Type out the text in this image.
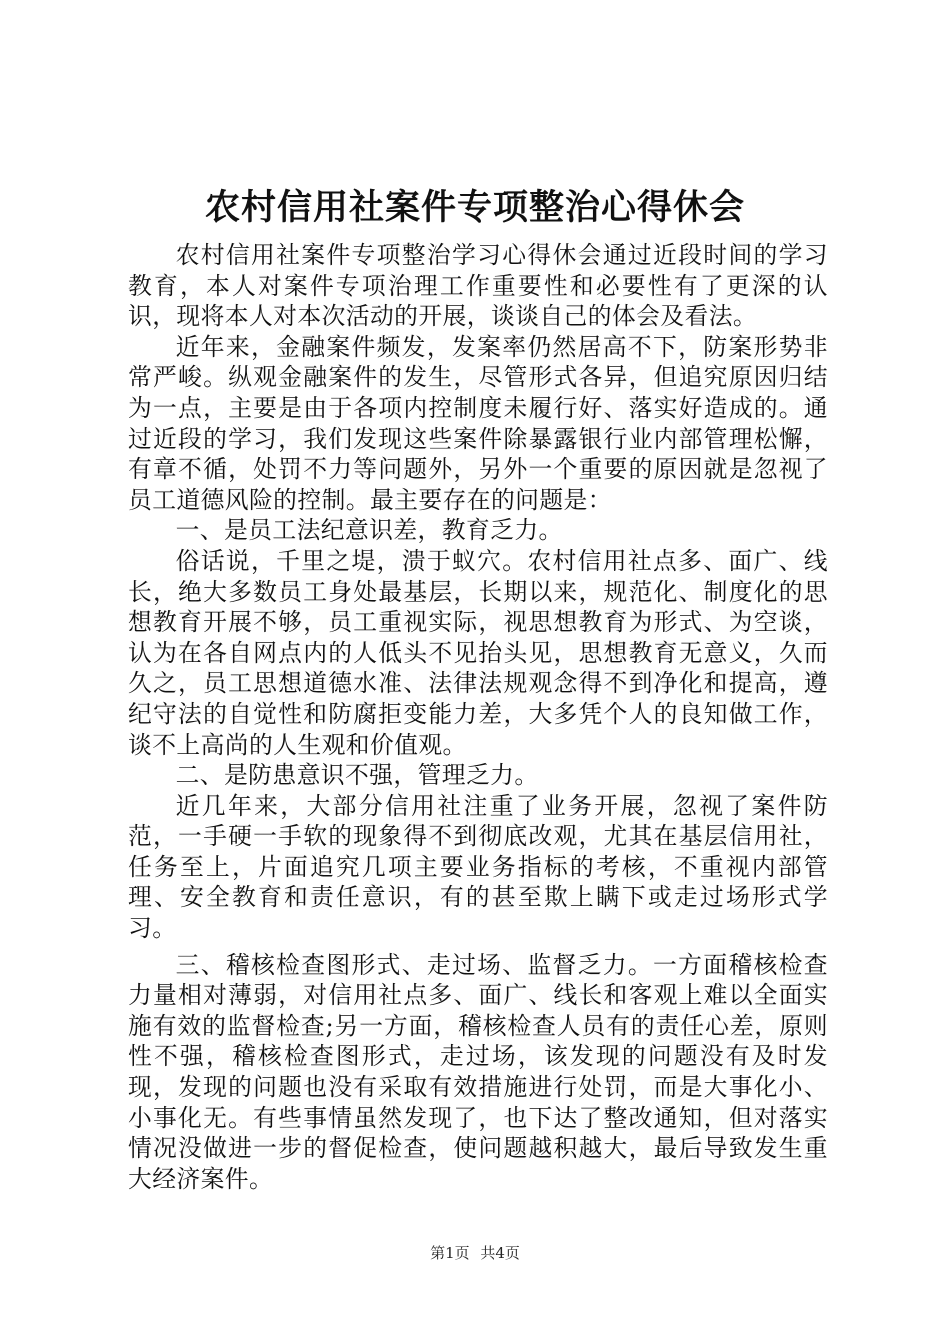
农村信用社案件专项整治心得休会

农村信用社案件专项整治学习心得休会通过近段时间的学习教育，本人对案件专项治理工作重要性和必要性有了更深的认识，现将本人对本次活动的开展，谈谈自己的体会及看法。

近年来，金融案件频发，发案率仍然居高不下，防案形势非常严峻。纵观金融案件的发生，尽管形式各异，但追究原因归结为一点，主要是由于各项内控制度未履行好、落实好造成的。通过近段的学习，我们发现这些案件除暴露银行业内部管理松懈，有章不循，处罚不力等问题外，另外一个重要的原因就是忽视了员工道德风险的控制。最主要存在的问题是：

一、是员工法纪意识差，教育乏力。

俗话说，千里之堤，溃于蚁穴。农村信用社点多、面广、线长，绝大多数员工身处最基层，长期以来，规范化、制度化的思想教育开展不够，员工重视实际，视思想教育为形式、为空谈，认为在各自网点内的人低头不见抬头见，思想教育无意义，久而久之，员工思想道德水准、法律法规观念得不到净化和提高，遵纪守法的自觉性和防腐拒变能力差，大多凭个人的良知做工作，谈不上高尚的人生观和价值观。

二、是防患意识不强，管理乏力。

近几年来，大部分信用社注重了业务开展，忽视了案件防范，一手硬一手软的现象得不到彻底改观，尤其在基层信用社，任务至上，片面追究几项主要业务指标的考核，不重视内部管理、安全教育和责任意识，有的甚至欺上瞒下或走过场形式学习。

三、稽核检查图形式、走过场、监督乏力。一方面稽核检查力量相对薄弱，对信用社点多、面广、线长和客观上难以全面实施有效的监督检查;另一方面，稽核检查人员有的责任心差，原则性不强，稽核检查图形式，走过场，该发现的问题没有及时发现，发现的问题也没有采取有效措施进行处罚，而是大事化小、小事化无。有些事情虽然发现了，也下达了整改通知，但对落实情况没做进一步的督促检查，使问题越积越大，最后导致发生重大经济案件。

第1页 共4页
